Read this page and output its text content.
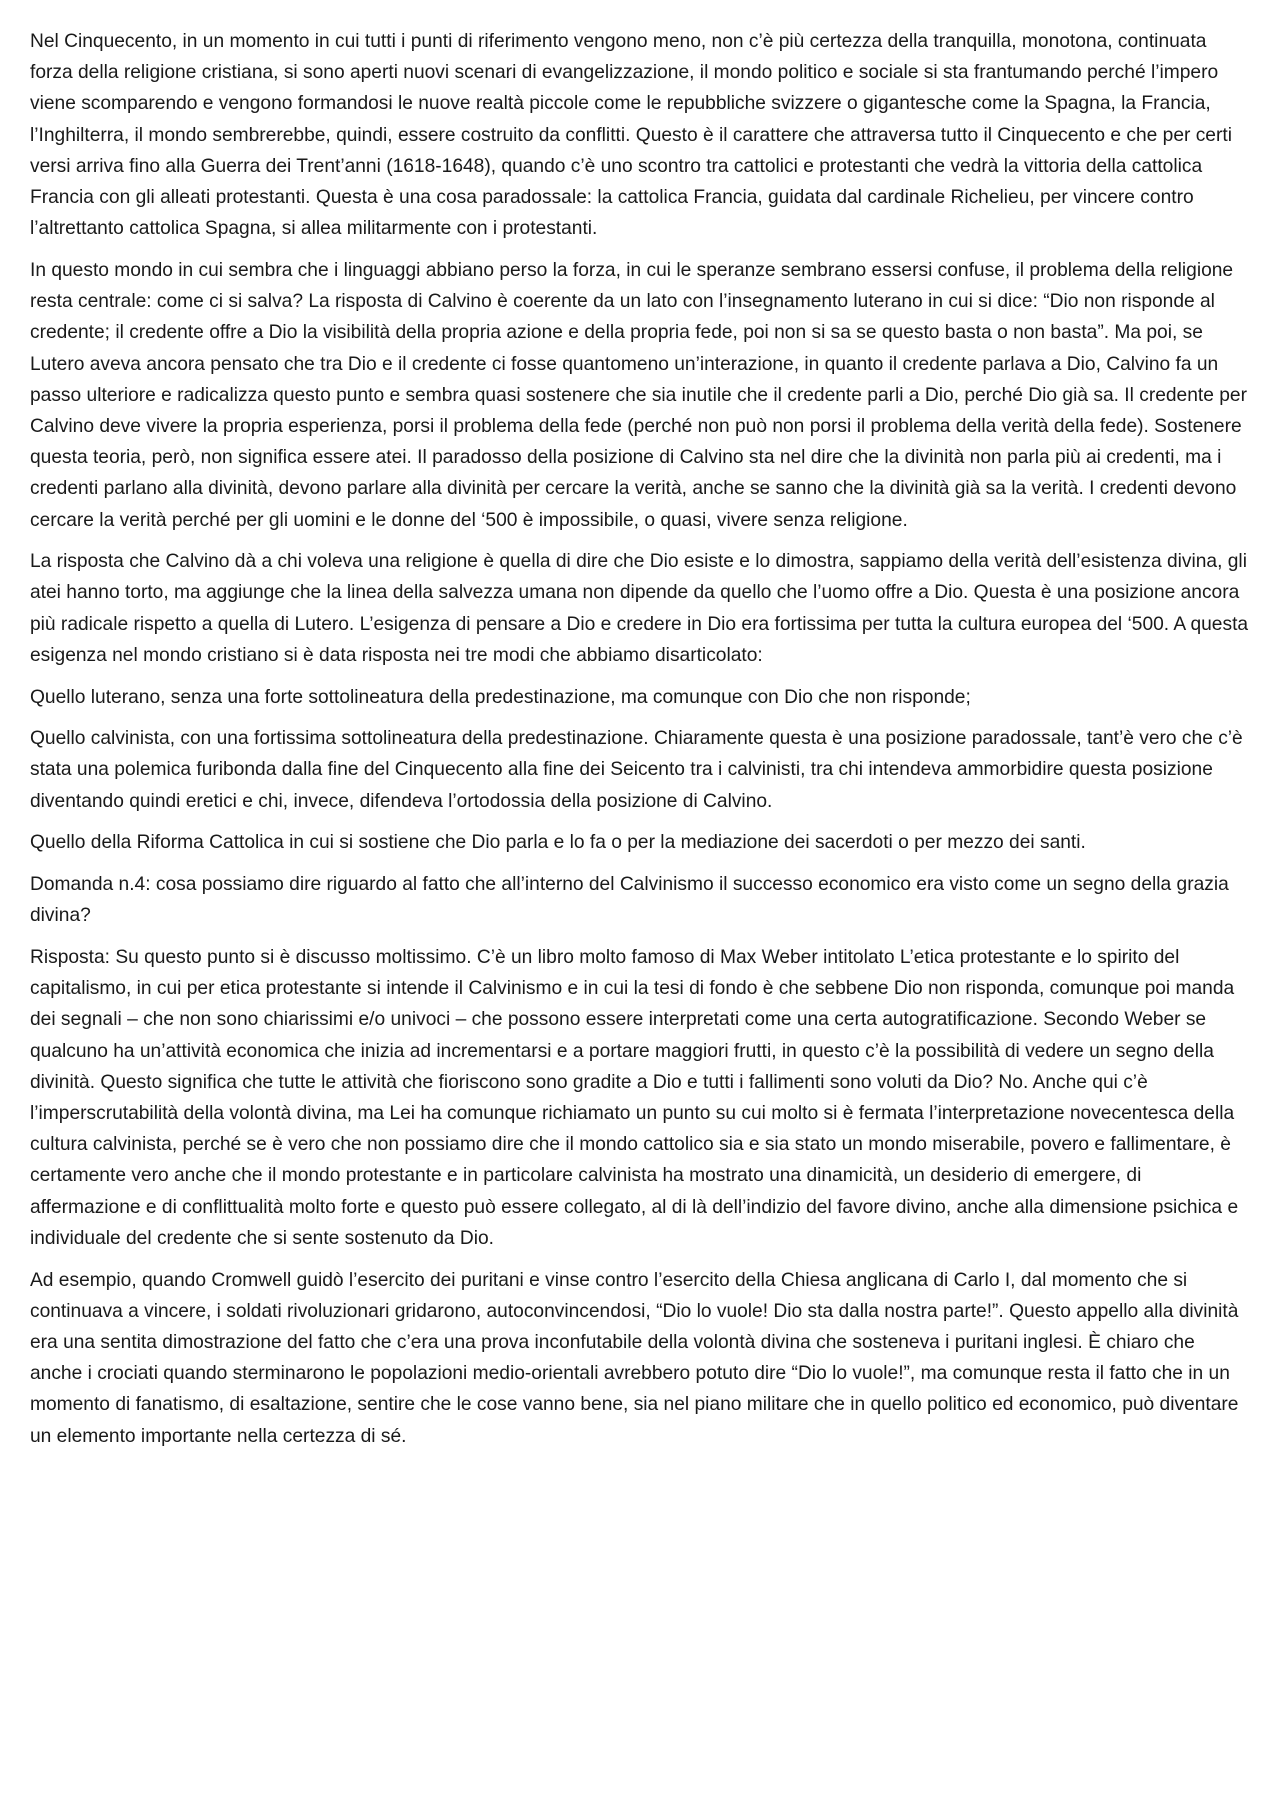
Nel Cinquecento, in un momento in cui tutti i punti di riferimento vengono meno, non c’è più certezza della tranquilla, monotona, continuata forza della religione cristiana, si sono aperti nuovi scenari di evangelizzazione, il mondo politico e sociale si sta frantumando perché l’impero viene scomparendo e vengono formandosi le nuove realtà piccole come le repubbliche svizzere o gigantesche come la Spagna, la Francia, l’Inghilterra, il mondo sembrerebbe, quindi, essere costruito da conflitti. Questo è il carattere che attraversa tutto il Cinquecento e che per certi versi arriva fino alla Guerra dei Trent’anni (1618-1648), quando c’è uno scontro tra cattolici e protestanti che vedrà la vittoria della cattolica Francia con gli alleati protestanti. Questa è una cosa paradossale: la cattolica Francia, guidata dal cardinale Richelieu, per vincere contro l’altrettanto cattolica Spagna, si allea militarmente con i protestanti.

In questo mondo in cui sembra che i linguaggi abbiano perso la forza, in cui le speranze sembrano essersi confuse, il problema della religione resta centrale: come ci si salva? La risposta di Calvino è coerente da un lato con l’insegnamento luterano in cui si dice: “Dio non risponde al credente; il credente offre a Dio la visibilità della propria azione e della propria fede, poi non si sa se questo basta o non basta”. Ma poi, se Lutero aveva ancora pensato che tra Dio e il credente ci fosse quantomeno un’interazione, in quanto il credente parlava a Dio, Calvino fa un passo ulteriore e radicalizza questo punto e sembra quasi sostenere che sia inutile che il credente parli a Dio, perché Dio già sa. Il credente per Calvino deve vivere la propria esperienza, porsi il problema della fede (perché non può non porsi il problema della verità della fede). Sostenere questa teoria, però, non significa essere atei. Il paradosso della posizione di Calvino sta nel dire che la divinità non parla più ai credenti, ma i credenti parlano alla divinità, devono parlare alla divinità per cercare la verità, anche se sanno che la divinità già sa la verità. I credenti devono cercare la verità perché per gli uomini e le donne del ‘500 è impossibile, o quasi, vivere senza religione.

La risposta che Calvino dà a chi voleva una religione è quella di dire che Dio esiste e lo dimostra, sappiamo della verità dell’esistenza divina, gli atei hanno torto, ma aggiunge che la linea della salvezza umana non dipende da quello che l’uomo offre a Dio. Questa è una posizione ancora più radicale rispetto a quella di Lutero. L’esigenza di pensare a Dio e credere in Dio era fortissima per tutta la cultura europea del ‘500. A questa esigenza nel mondo cristiano si è data risposta nei tre modi che abbiamo disarticolato:

Quello luterano, senza una forte sottolineatura della predestinazione, ma comunque con Dio che non risponde;

Quello calvinista, con una fortissima sottolineatura della predestinazione. Chiaramente questa è una posizione paradossale, tant’è vero che c’è stata una polemica furibonda dalla fine del Cinquecento alla fine dei Seicento tra i calvinisti, tra chi intendeva ammorbidire questa posizione diventando quindi eretici e chi, invece, difendeva l’ortodossia della posizione di Calvino.

Quello della Riforma Cattolica in cui si sostiene che Dio parla e lo fa o per la mediazione dei sacerdoti o per mezzo dei santi.

Domanda n.4: cosa possiamo dire riguardo al fatto che all’interno del Calvinismo il successo economico era visto come un segno della grazia divina?

Risposta: Su questo punto si è discusso moltissimo. C’è un libro molto famoso di Max Weber intitolato L’etica protestante e lo spirito del capitalismo, in cui per etica protestante si intende il Calvinismo e in cui la tesi di fondo è che sebbene Dio non risponda, comunque poi manda dei segnali – che non sono chiarissimi e/o univoci – che possono essere interpretati come una certa autogratificazione. Secondo Weber se qualcuno ha un’attività economica che inizia ad incrementarsi e a portare maggiori frutti, in questo c’è la possibilità di vedere un segno della divinità. Questo significa che tutte le attività che fioriscono sono gradite a Dio e tutti i fallimenti sono voluti da Dio? No. Anche qui c’è l’imperscrutabilità della volontà divina, ma Lei ha comunque richiamato un punto su cui molto si è fermata l’interpretazione novecentesca della cultura calvinista, perché se è vero che non possiamo dire che il mondo cattolico sia e sia stato un mondo miserabile, povero e fallimentare, è certamente vero anche che il mondo protestante e in particolare calvinista ha mostrato una dinamicità, un desiderio di emergere, di affermazione e di conflittualità molto forte e questo può essere collegato, al di là dell’indizio del favore divino, anche alla dimensione psichica e individuale del credente che si sente sostenuto da Dio.

Ad esempio, quando Cromwell guidò l’esercito dei puritani e vinse contro l’esercito della Chiesa anglicana di Carlo I, dal momento che si continuava a vincere, i soldati rivoluzionari gridarono, autoconvincendosi, “Dio lo vuole! Dio sta dalla nostra parte!”. Questo appello alla divinità era una sentita dimostrazione del fatto che c’era una prova inconfutabile della volontà divina che sosteneva i puritani inglesi. È chiaro che anche i crociati quando sterminarono le popolazioni medio-orientali avrebbero potuto dire “Dio lo vuole!”, ma comunque resta il fatto che in un momento di fanatismo, di esaltazione, sentire che le cose vanno bene, sia nel piano militare che in quello politico ed economico, può diventare un elemento importante nella certezza di sé.
